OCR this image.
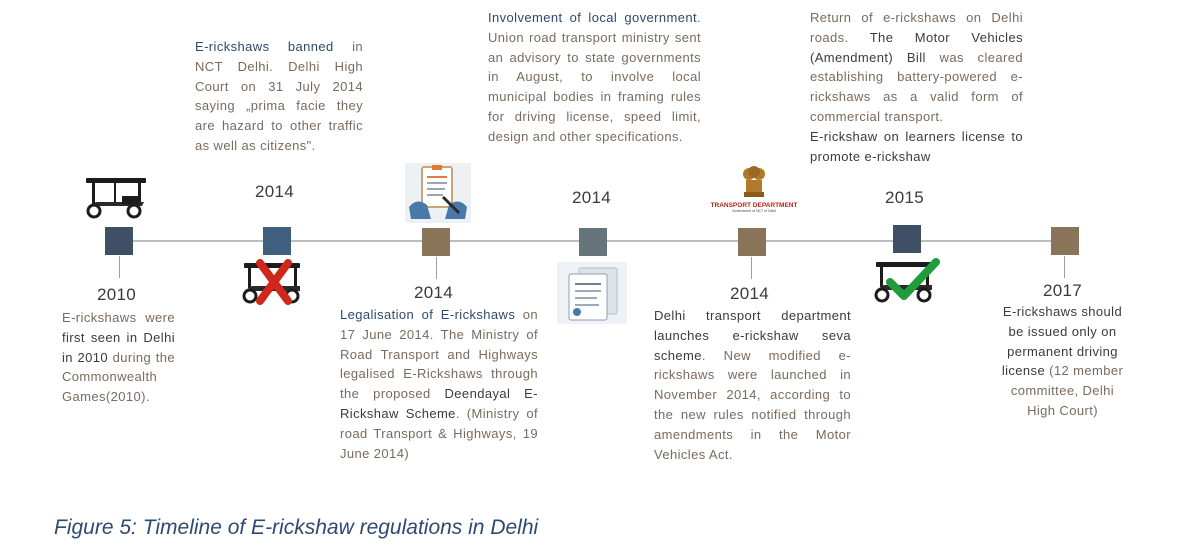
2010
2014
2014
2014
2014
2015
2017
E-rickshaws were first seen in Delhi in 2010 during the Commonwealth Games(2010).
E-rickshaws banned in NCT Delhi. Delhi High Court on 31 July 2014 saying „prima facie they are hazard to other traffic as well as citizens".
Legalisation of E-rickshaws on 17 June 2014. The Ministry of Road Transport and Highways legalised E-Rickshaws through the proposed Deendayal E-Rickshaw Scheme. (Ministry of road Transport & Highways, 19 June 2014)
Involvement of local government. Union road transport ministry sent an advisory to state governments in August, to involve local municipal bodies in framing rules for driving license, speed limit, design and other specifications.
Delhi transport department launches e-rickshaw seva scheme. New modified e-rickshaws were launched in November 2014, according to the new rules notified through amendments in the Motor Vehicles Act.
Return of e-rickshaws on Delhi roads. The Motor Vehicles (Amendment) Bill was cleared establishing battery-powered e-rickshaws as a valid form of commercial transport.
E-rickshaw on learners license to promote e-rickshaw
E-rickshaws should be issued only on permanent driving license (12 member committee, Delhi High Court)
TRANSPORT DEPARTMENT
Government of NCT of Delhi
Figure 5: Timeline of E-rickshaw regulations in Delhi
